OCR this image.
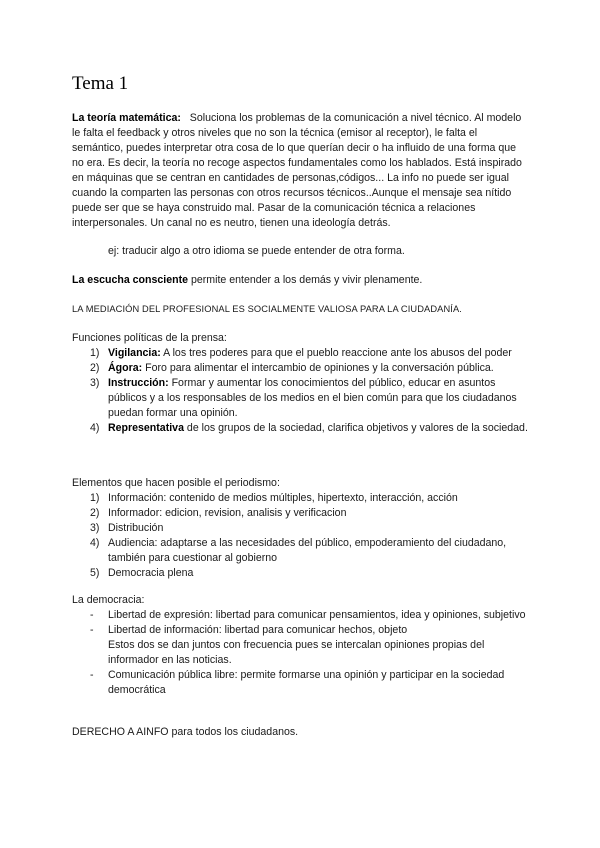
Tema 1
La teoría matemática: Soluciona los problemas de la comunicación a nivel técnico. Al modelo le falta el feedback y otros niveles que no son la técnica (emisor al receptor), le falta el semántico, puedes interpretar otra cosa de lo que querían decir o ha influido de una forma que no era. Es decir, la teoría no recoge aspectos fundamentales como los hablados. Está inspirado en máquinas que se centran en cantidades de personas,códigos... La info no puede ser igual cuando la comparten las personas con otros recursos técnicos..Aunque el mensaje sea nítido puede ser que se haya construido mal. Pasar de la comunicación técnica a relaciones interpersonales. Un canal no es neutro, tienen una ideología detrás.
ej: traducir algo a otro idioma se puede entender de otra forma.
La escucha consciente permite entender a los demás y vivir plenamente.
LA MEDIACIÓN DEL PROFESIONAL ES SOCIALMENTE VALIOSA PARA LA CIUDADANÍA.

Funciones políticas de la prensa:

1) Vigilancia: A los tres poderes para que el pueblo reaccione ante los abusos del poder
2) Ágora: Foro para alimentar el intercambio de opiniones y la conversación pública.
3) Instrucción: Formar y aumentar los conocimientos del público, educar en asuntos públicos y a los responsables de los medios en el bien común para que los ciudadanos puedan formar una opinión.
4) Representativa de los grupos de la sociedad, clarifica objetivos y valores de la sociedad.

Elementos que hacen posible el periodismo:

1) Información: contenido de medios múltiples, hipertexto, interacción, acción
2) Informador: edicion, revision, analisis y verificacion
3) Distribución
4) Audiencia: adaptarse a las necesidades del público, empoderamiento del ciudadano, también para cuestionar al gobierno
5) Democracia plena

La democracia:

- Libertad de expresión: libertad para comunicar pensamientos, idea y opiniones, subjetivo
- Libertad de información: libertad para comunicar hechos, objeto
Estos dos se dan juntos con frecuencia pues se intercalan opiniones propias del informador en las noticias.
- Comunicación pública libre: permite formarse una opinión y participar en la sociedad democrática
DERECHO A AINFO para todos los ciudadanos.
